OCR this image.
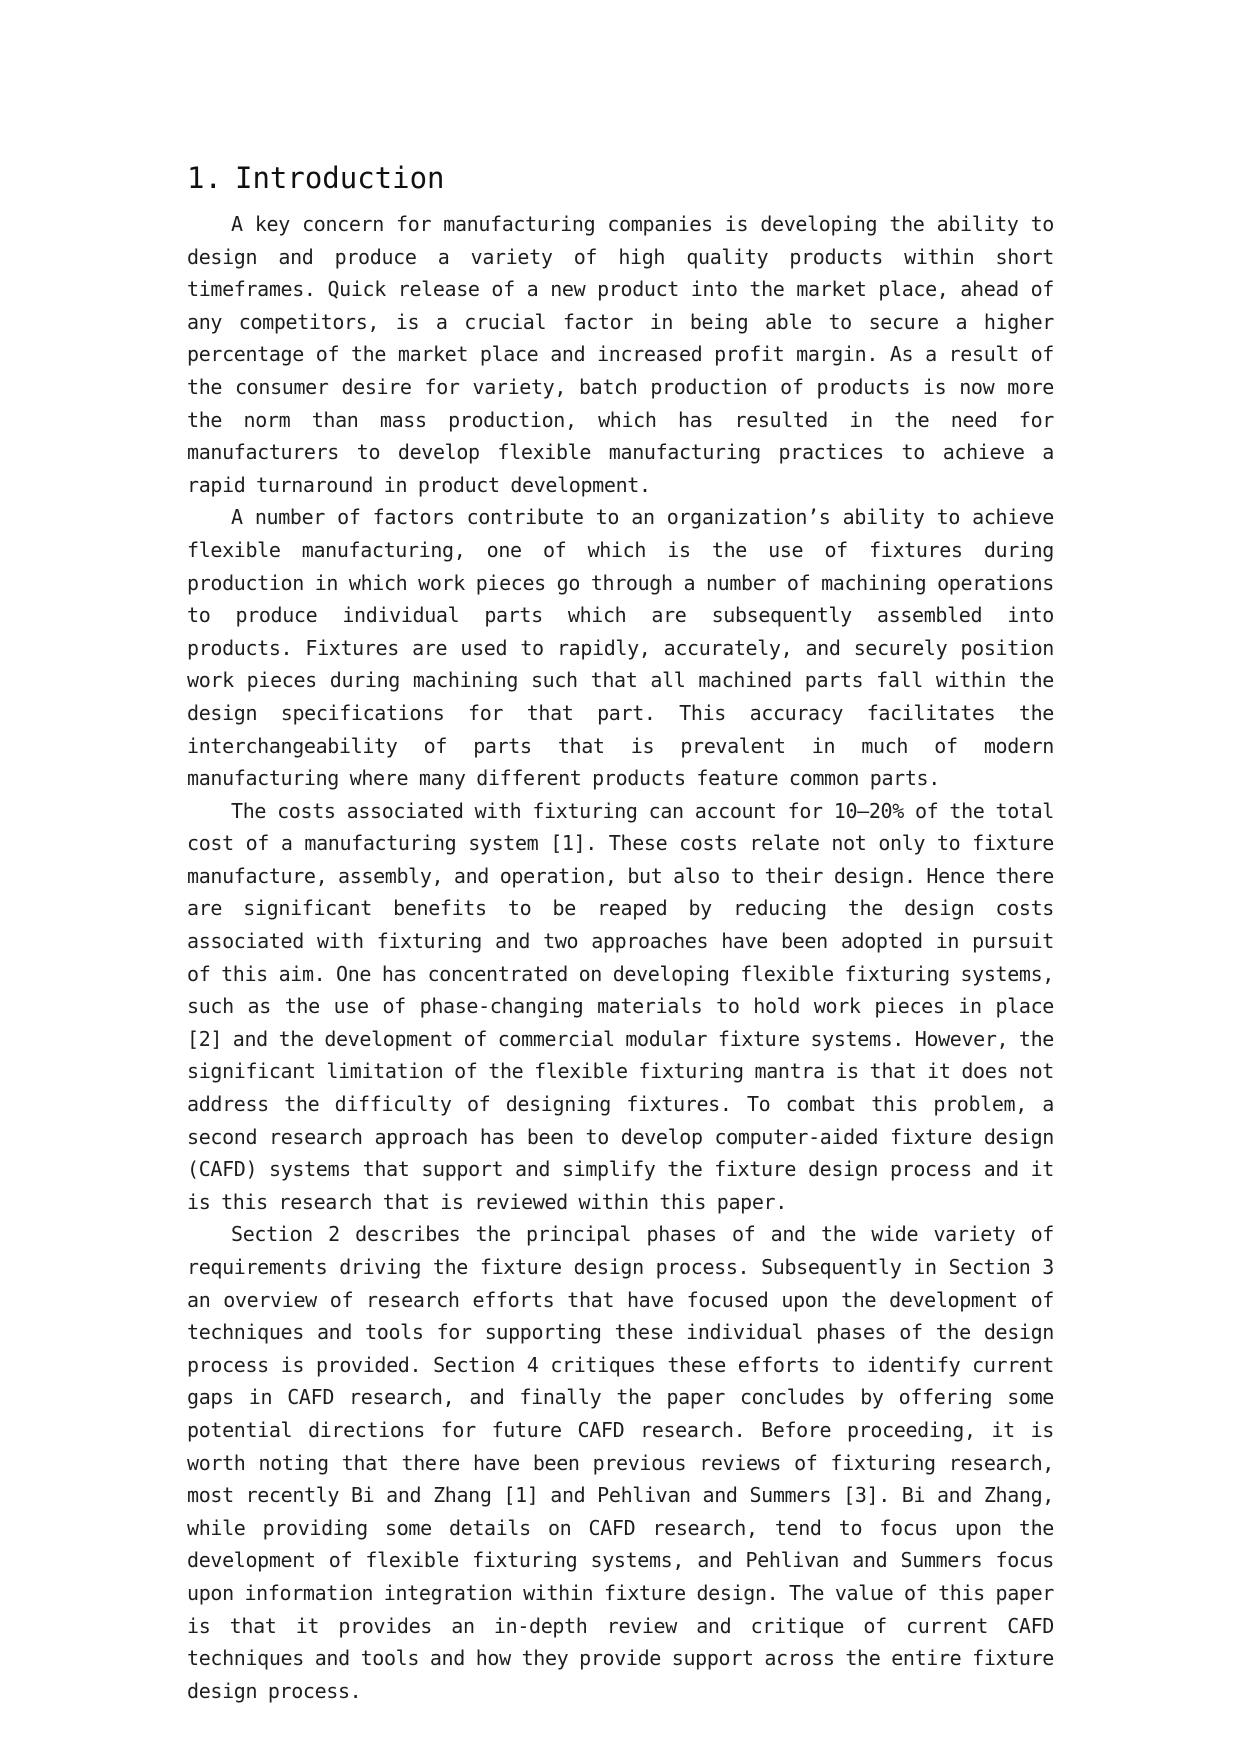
1. Introduction

A key concern for manufacturing companies is developing the ability to design and produce a variety of high quality products within short timeframes. Quick release of a new product into the market place, ahead of any competitors, is a crucial factor in being able to secure a higher percentage of the market place and increased profit margin. As a result of the consumer desire for variety, batch production of products is now more the norm than mass production, which has resulted in the need for manufacturers to develop flexible manufacturing practices to achieve a rapid turnaround in product development.

A number of factors contribute to an organization’s ability to achieve flexible manufacturing, one of which is the use of fixtures during production in which work pieces go through a number of machining operations to produce individual parts which are subsequently assembled into products. Fixtures are used to rapidly, accurately, and securely position work pieces during machining such that all machined parts fall within the design specifications for that part. This accuracy facilitates the interchangeability of parts that is prevalent in much of modern manufacturing where many different products feature common parts.

The costs associated with fixturing can account for 10–20% of the total cost of a manufacturing system [1]. These costs relate not only to fixture manufacture, assembly, and operation, but also to their design. Hence there are significant benefits to be reaped by reducing the design costs associated with fixturing and two approaches have been adopted in pursuit of this aim. One has concentrated on developing flexible fixturing systems, such as the use of phase-changing materials to hold work pieces in place [2] and the development of commercial modular fixture systems. However, the significant limitation of the flexible fixturing mantra is that it does not address the difficulty of designing fixtures. To combat this problem, a second research approach has been to develop computer-aided fixture design (CAFD) systems that support and simplify the fixture design process and it is this research that is reviewed within this paper.

Section 2 describes the principal phases of and the wide variety of requirements driving the fixture design process. Subsequently in Section 3 an overview of research efforts that have focused upon the development of techniques and tools for supporting these individual phases of the design process is provided. Section 4 critiques these efforts to identify current gaps in CAFD research, and finally the paper concludes by offering some potential directions for future CAFD research. Before proceeding, it is worth noting that there have been previous reviews of fixturing research, most recently Bi and Zhang [1] and Pehlivan and Summers [3]. Bi and Zhang, while providing some details on CAFD research, tend to focus upon the development of flexible fixturing systems, and Pehlivan and Summers focus upon information integration within fixture design. The value of this paper is that it provides an in-depth review and critique of current CAFD techniques and tools and how they provide support across the entire fixture design process.
